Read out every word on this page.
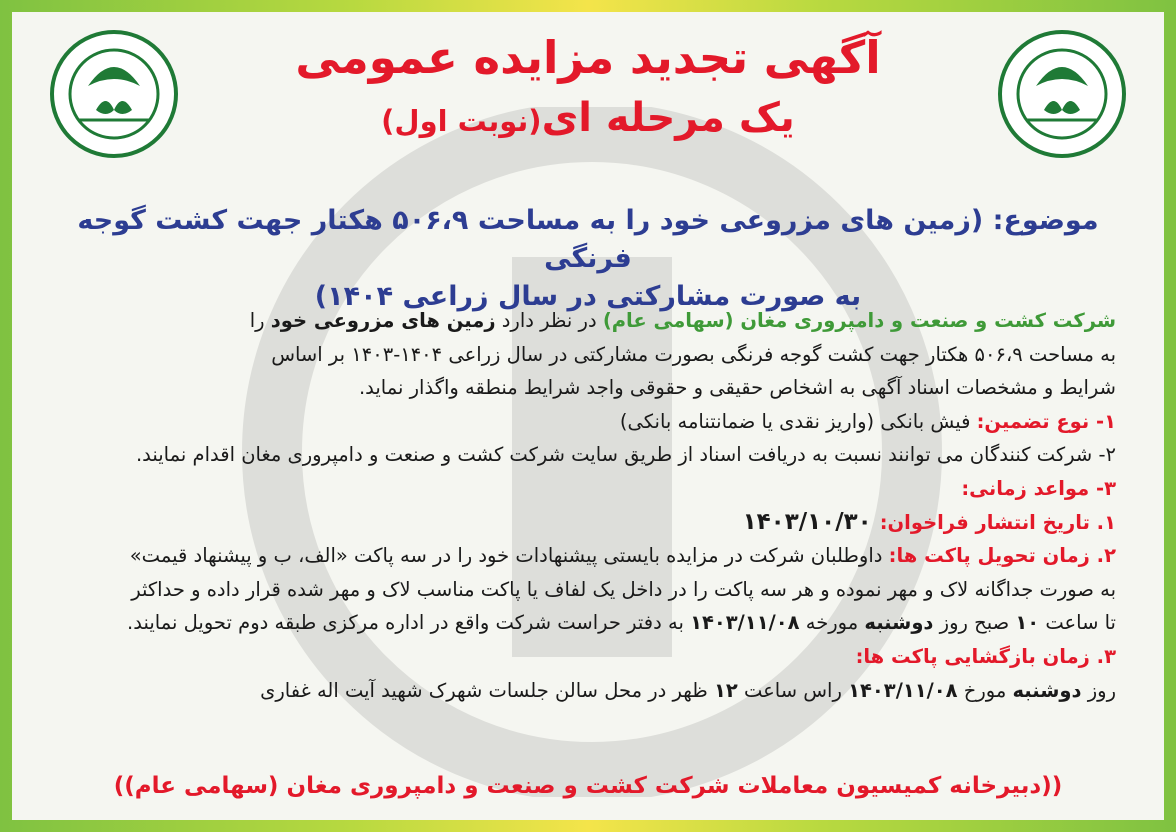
آگهی تجدید مزایده عمومی
یک مرحله ای(نوبت اول)
موضوع: (زمین های مزروعی خود را به مساحت ۵۰۶،۹ هکتار جهت کشت گوجه فرنگی
به صورت مشارکتی در سال زراعی ۱۴۰۴)

شرکت کشت و صنعت و دامپروری مغان (سهامی عام) در نظر دارد زمین های مزروعی خود را

به مساحت ۵۰۶،۹ هکتار جهت کشت گوجه فرنگی بصورت مشارکتی در سال زراعی ۱۴۰۴-۱۴۰۳ بر اساس

شرایط و مشخصات اسناد آگهی به اشخاص حقیقی و حقوقی واجد شرایط منطقه واگذار نماید.

۱- نوع تضمین: فیش بانکی (واریز نقدی یا ضمانتنامه بانکی)

۲- شرکت کنندگان می توانند نسبت به دریافت اسناد از طریق سایت شرکت کشت و صنعت و دامپروری مغان اقدام نمایند.

۳- مواعد زمانی:

۱. تاریخ انتشار فراخوان: ۱۴۰۳/۱۰/۳۰

۲. زمان تحویل پاکت ها: داوطلبان شرکت در مزایده بایستی پیشنهادات خود را در سه پاکت «الف، ب و پیشنهاد قیمت»

به صورت جداگانه لاک و مهر نموده و هر سه پاکت را در داخل یک لفاف یا پاکت مناسب لاک و مهر شده قرار داده و حداکثر

تا ساعت ۱۰ صبح روز دوشنبه مورخه ۱۴۰۳/۱۱/۰۸ به دفتر حراست شرکت واقع در اداره مرکزی طبقه دوم تحویل نمایند.

۳. زمان بازگشایی پاکت ها:

روز دوشنبه مورخ ۱۴۰۳/۱۱/۰۸ راس ساعت ۱۲ ظهر در محل سالن جلسات شهرک شهید آیت اله غفاری

((دبیرخانه کمیسیون معاملات شرکت کشت و صنعت و دامپروری مغان (سهامی عام))
